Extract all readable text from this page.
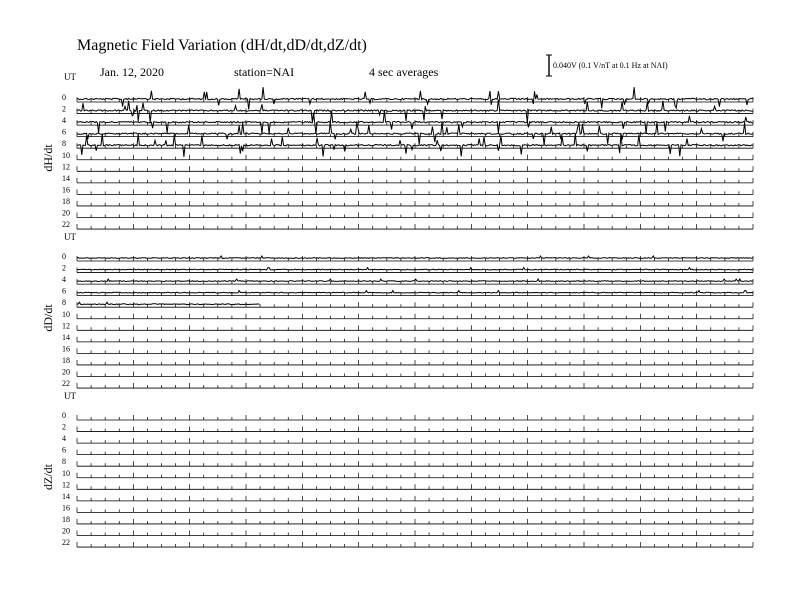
Magnetic Field Variation (dH/dt,dD/dt,dZ/dt)
Jan. 12, 2020	station=NAI	4 sec averages	0.040V (0.1 V/nT at 0.1 Hz at NAI)
UT
dH/dt
0
2
4
6
8
10
12
14
16
18
20
22
UT
dD/dt
0
2
4
6
8
10
12
14
16
18
20
22
UT
dZ/dt
0
2
4
6
8
10
12
14
16
18
20
22
